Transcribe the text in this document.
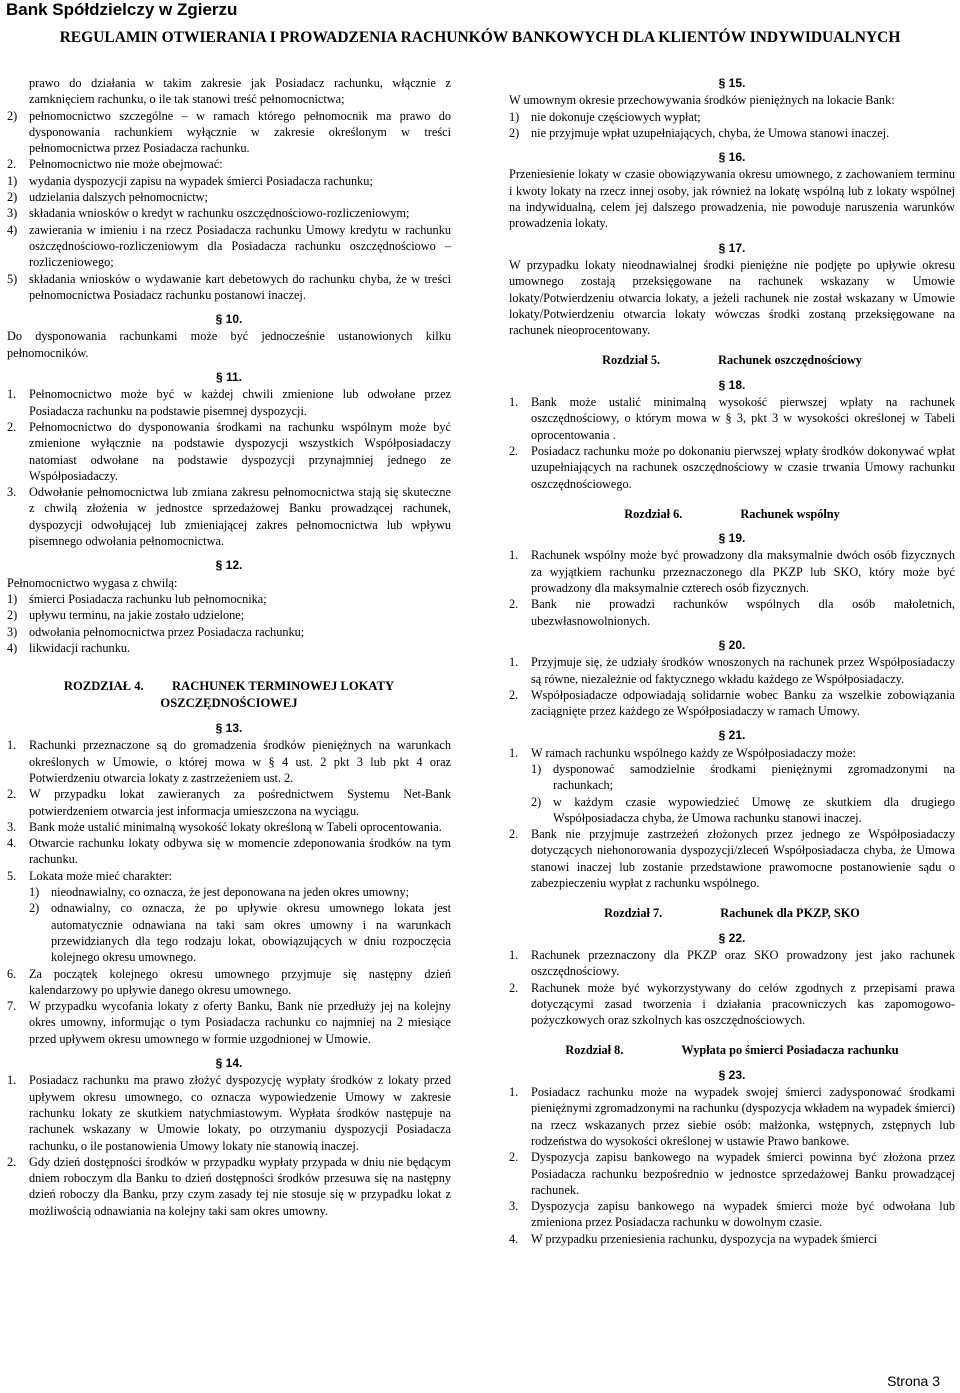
Bank Spółdzielczy w Zgierzu
REGULAMIN OTWIERANIA I PROWADZENIA RACHUNKÓW BANKOWYCH DLA KLIENTÓW INDYWIDUALNYCH

prawo do działania w takim zakresie jak Posiadacz rachunku, włącznie z zamknięciem rachunku, o ile tak stanowi treść pełnomocnictwa;

2) pełnomocnictwo szczególne – w ramach którego pełnomocnik ma prawo do dysponowania rachunkiem wyłącznie w zakresie określonym w treści pełnomocnictwa przez Posiadacza rachunku.
2.	Pełnomocnictwo nie może obejmować:
1) wydania dyspozycji zapisu na wypadek śmierci Posiadacza rachunku;
2) udzielania dalszych pełnomocnictw;
3) składania wniosków o kredyt w rachunku oszczędnościowo-rozliczeniowym;
4) zawierania w imieniu i na rzecz Posiadacza rachunku Umowy kredytu w rachunku oszczędnościowo-rozliczeniowym dla Posiadacza rachunku oszczędnościowo –rozliczeniowego;
5) składania wniosków o wydawanie kart debetowych do rachunku chyba, że w treści pełnomocnictwa Posiadacz rachunku postanowi inaczej.
§ 10.

Do dysponowania rachunkami może być jednocześnie ustanowionych kilku pełnomocników.

§ 11.
1.	Pełnomocnictwo może być w każdej chwili zmienione lub odwołane przez Posiadacza rachunku na podstawie pisemnej dyspozycji.
2.	Pełnomocnictwo do dysponowania środkami na rachunku wspólnym może być zmienione wyłącznie na podstawie dyspozycji wszystkich Współposiadaczy natomiast odwołane na podstawie dyspozycji przynajmniej jednego ze Współposiadaczy.
3.	Odwołanie pełnomocnictwa lub zmiana zakresu pełnomocnictwa stają się skuteczne z chwilą złożenia w jednostce sprzedażowej Banku prowadzącej rachunek, dyspozycji odwołującej lub zmieniającej zakres pełnomocnictwa lub wpływu pisemnego odwołania pełnomocnictwa.
§ 12.

Pełnomocnictwo wygasa z chwilą:

1) śmierci Posiadacza rachunku lub pełnomocnika;
2) upływu terminu, na jakie zostało udzielone;
3) odwołania pełnomocnictwa przez Posiadacza rachunku;
4) likwidacji rachunku.
ROZDZIAŁ 4. RACHUNEK TERMINOWEJ LOKATY OSZCZĘDNOŚCIOWEJ
§ 13.
1.	Rachunki przeznaczone są do gromadzenia środków pieniężnych na warunkach określonych w Umowie, o której mowa w § 4 ust. 2 pkt 3 lub pkt 4 oraz Potwierdzeniu otwarcia lokaty z zastrzeżeniem ust. 2.
2.	W przypadku lokat zawieranych za pośrednictwem Systemu Net-Bank potwierdzeniem otwarcia jest informacja umieszczona na wyciągu.
3.	Bank może ustalić minimalną wysokość lokaty określoną w Tabeli oprocentowania.
4.	Otwarcie rachunku lokaty odbywa się w momencie zdeponowania środków na tym rachunku.
5.	Lokata może mieć charakter:
1) nieodnawialny, co oznacza, że jest deponowana na jeden okres umowny;
2) odnawialny, co oznacza, że po upływie okresu umownego lokata jest automatycznie odnawiana na taki sam okres umowny i na warunkach przewidzianych dla tego rodzaju lokat, obowiązujących w dniu rozpoczęcia kolejnego okresu umownego.
6.	Za początek kolejnego okresu umownego przyjmuje się następny dzień kalendarzowy po upływie danego okresu umownego.
7.	W przypadku wycofania lokaty z oferty Banku, Bank nie przedłuży jej na kolejny okres umowny, informując o tym Posiadacza rachunku co najmniej na 2 miesiące przed upływem okresu umownego w formie uzgodnionej w Umowie.
§ 14.
1.	Posiadacz rachunku ma prawo złożyć dyspozycję wypłaty środków z lokaty przed upływem okresu umownego, co oznacza wypowiedzenie Umowy w zakresie rachunku lokaty ze skutkiem natychmiastowym. Wypłata środków następuje na rachunek wskazany w Umowie lokaty, po otrzymaniu dyspozycji Posiadacza rachunku, o ile postanowienia Umowy lokaty nie stanowią inaczej.
2.	Gdy dzień dostępności środków w przypadku wypłaty przypada w dniu nie będącym dniem roboczym dla Banku to dzień dostępności środków przesuwa się na następny dzień roboczy dla Banku, przy czym zasady tej nie stosuje się w przypadku lokat z możliwością odnawiania na kolejny taki sam okres umowny.
§ 15.

W umownym okresie przechowywania środków pieniężnych na lokacie Bank:

1) nie dokonuje częściowych wypłat;
2) nie przyjmuje wpłat uzupełniających, chyba, że Umowa stanowi inaczej.
§ 16.

Przeniesienie lokaty w czasie obowiązywania okresu umownego, z zachowaniem terminu i kwoty lokaty na rzecz innej osoby, jak również na lokatę wspólną lub z lokaty wspólnej na indywidualną, celem jej dalszego prowadzenia, nie powoduje naruszenia warunków prowadzenia lokaty.

§ 17.

W przypadku lokaty nieodnawialnej środki pieniężne nie podjęte po upływie okresu umownego zostają przeksięgowane na rachunek wskazany w Umowie lokaty/Potwierdzeniu otwarcia lokaty, a jeżeli rachunek nie został wskazany w Umowie lokaty/Potwierdzeniu otwarcia lokaty wówczas środki zostaną przeksięgowane na rachunek nieoprocentowany.

Rozdział 5.	Rachunek oszczędnościowy
§ 18.
1.	Bank może ustalić minimalną wysokość pierwszej wpłaty na rachunek oszczędnościowy, o którym mowa w § 3, pkt 3 w wysokości określonej w Tabeli oprocentowania .
2.	Posiadacz rachunku może po dokonaniu pierwszej wpłaty środków dokonywać wpłat uzupełniających na rachunek oszczędnościowy w czasie trwania Umowy rachunku oszczędnościowego.
Rozdział 6.	Rachunek wspólny
§ 19.
1.	Rachunek wspólny może być prowadzony dla maksymalnie dwóch osób fizycznych za wyjątkiem rachunku przeznaczonego dla PKZP lub SKO, który może być prowadzony dla maksymalnie czterech osób fizycznych.
2.	Bank nie prowadzi rachunków wspólnych dla osób małoletnich, ubezwłasnowolnionych.
§ 20.
1.	Przyjmuje się, że udziały środków wnoszonych na rachunek przez Współposiadaczy są równe, niezależnie od faktycznego wkładu każdego ze Współposiadaczy.
2.	Współposiadacze odpowiadają solidarnie wobec Banku za wszelkie zobowiązania zaciągnięte przez każdego ze Współposiadaczy w ramach Umowy.
§ 21.
1.	W ramach rachunku wspólnego każdy ze Współposiadaczy może:
1) dysponować samodzielnie środkami pieniężnymi zgromadzonymi na rachunkach;
2) w każdym czasie wypowiedzieć Umowę ze skutkiem dla drugiego Współposiadacza chyba, że Umowa rachunku stanowi inaczej.
2.	Bank nie przyjmuje zastrzeżeń złożonych przez jednego ze Współposiadaczy dotyczących niehonorowania dyspozycji/zleceń Współposiadacza chyba, że Umowa stanowi inaczej lub zostanie przedstawione prawomocne postanowienie sądu o zabezpieczeniu wypłat z rachunku wspólnego.
Rozdział 7.	Rachunek dla PKZP, SKO
§ 22.
1.	Rachunek przeznaczony dla PKZP oraz SKO prowadzony jest jako rachunek oszczędnościowy.
2.	Rachunek może być wykorzystywany do celów zgodnych z przepisami prawa dotyczącymi zasad tworzenia i działania pracowniczych kas zapomogowo-pożyczkowych oraz szkolnych kas oszczędnościowych.
Rozdział 8.	Wypłata po śmierci Posiadacza rachunku
§ 23.
1.	Posiadacz rachunku może na wypadek swojej śmierci zadysponować środkami pieniężnymi zgromadzonymi na rachunku (dyspozycja wkładem na wypadek śmierci) na rzecz wskazanych przez siebie osób: małżonka, wstępnych, zstępnych lub rodzeństwa do wysokości określonej w ustawie Prawo bankowe.
2.	Dyspozycja zapisu bankowego na wypadek śmierci powinna być złożona przez Posiadacza rachunku bezpośrednio w jednostce sprzedażowej Banku prowadzącej rachunek.
3.	Dyspozycja zapisu bankowego na wypadek śmierci może być odwołana lub zmieniona przez Posiadacza rachunku w dowolnym czasie.
4.	W przypadku przeniesienia rachunku, dyspozycja na wypadek śmierci
Strona 3
